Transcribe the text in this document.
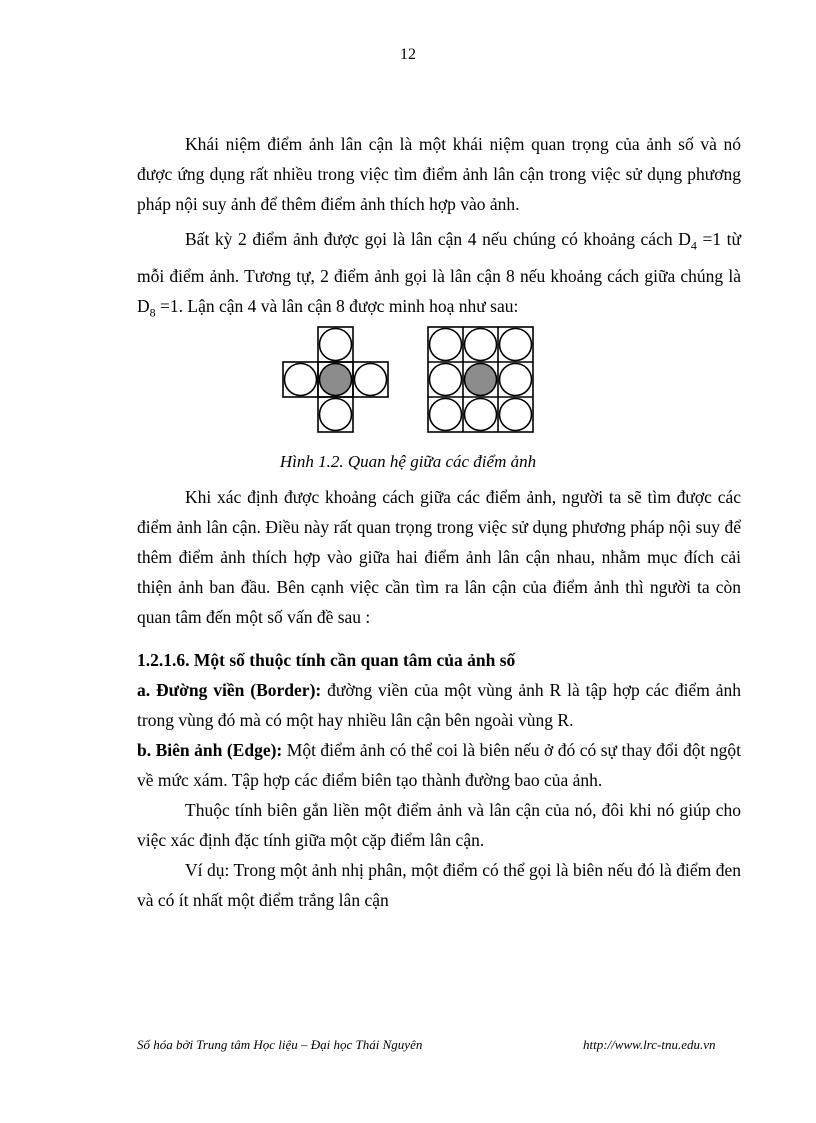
12

Khái niệm điểm ảnh lân cận là một khái niệm quan trọng của ảnh số và nó được ứng dụng rất nhiều trong việc tìm điểm ảnh lân cận trong việc sử dụng phương pháp nội suy ảnh để thêm điểm ảnh thích hợp vào ảnh.

Bất kỳ 2 điểm ảnh được gọi là lân cận 4 nếu chúng có khoảng cách $D_4 =1$ từ mỗi điểm ảnh. Tương tự, 2 điểm ảnh gọi là lân cận 8 nếu khoảng cách giữa chúng là $D_8 =1$. Lận cận 4 và lân cận 8 được minh hoạ như sau:

Hình 1.2. Quan hệ giữa các điểm ảnh

Khi xác định được khoảng cách giữa các điểm ảnh, người ta sẽ tìm được các điểm ảnh lân cận. Điều này rất quan trọng trong việc sử dụng phương pháp nội suy để thêm điểm ảnh thích hợp vào giữa hai điểm ảnh lân cận nhau, nhằm mục đích cải thiện ảnh ban đầu. Bên cạnh việc cần tìm ra lân cận của điểm ảnh thì người ta còn quan tâm đến một số vấn đề sau :

1.2.1.6. Một số thuộc tính cần quan tâm của ảnh số

a. Đường viền (Border): đường viền của một vùng ảnh R là tập hợp các điểm ảnh trong vùng đó mà có một hay nhiều lân cận bên ngoài vùng R.

b. Biên ảnh (Edge): Một điểm ảnh có thể coi là biên nếu ở đó có sự thay đổi đột ngột về mức xám. Tập hợp các điểm biên tạo thành đường bao của ảnh.

Thuộc tính biên gắn liền một điểm ảnh và lân cận của nó, đôi khi nó giúp cho việc xác định đặc tính giữa một cặp điểm lân cận.

Ví dụ: Trong một ảnh nhị phân, một điểm có thể gọi là biên nếu đó là điểm đen và có ít nhất một điểm trắng lân cận

Số hóa bởi Trung tâm Học liệu – Đại học Thái Nguyên	http://www.lrc-tnu.edu.vn
